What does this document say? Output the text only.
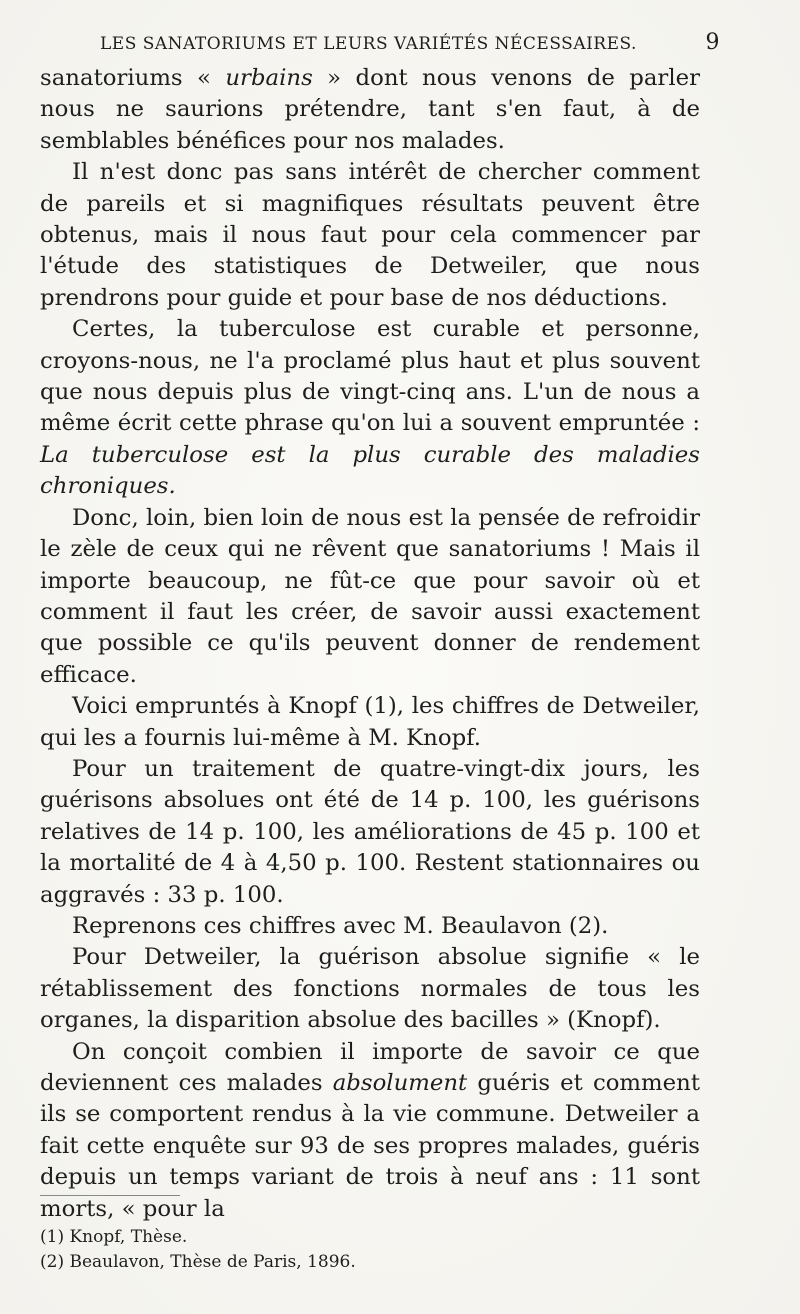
LES SANATORIUMS ET LEURS VARIÉTÉS NÉCESSAIRES.	9

sanatoriums « urbains » dont nous venons de parler nous ne saurions prétendre, tant s'en faut, à de semblables bénéfices pour nos malades.

Il n'est donc pas sans intérêt de chercher comment de pareils et si magnifiques résultats peuvent être obtenus, mais il nous faut pour cela commencer par l'étude des statistiques de Detweiler, que nous prendrons pour guide et pour base de nos déductions.

Certes, la tuberculose est curable et personne, croyons-nous, ne l'a proclamé plus haut et plus souvent que nous depuis plus de vingt-cinq ans. L'un de nous a même écrit cette phrase qu'on lui a souvent empruntée : La tuberculose est la plus curable des maladies chroniques.

Donc, loin, bien loin de nous est la pensée de refroidir le zèle de ceux qui ne rêvent que sanatoriums ! Mais il importe beaucoup, ne fût-ce que pour savoir où et comment il faut les créer, de savoir aussi exactement que possible ce qu'ils peuvent donner de rendement efficace.

Voici empruntés à Knopf (1), les chiffres de Detweiler, qui les a fournis lui-même à M. Knopf.

Pour un traitement de quatre-vingt-dix jours, les guérisons absolues ont été de 14 p. 100, les guérisons relatives de 14 p. 100, les améliorations de 45 p. 100 et la mortalité de 4 à 4,50 p. 100. Restent stationnaires ou aggravés : 33 p. 100.

Reprenons ces chiffres avec M. Beaulavon (2).

Pour Detweiler, la guérison absolue signifie « le rétablissement des fonctions normales de tous les organes, la disparition absolue des bacilles » (Knopf).

On conçoit combien il importe de savoir ce que deviennent ces malades absolument guéris et comment ils se comportent rendus à la vie commune. Detweiler a fait cette enquête sur 93 de ses propres malades, guéris depuis un temps variant de trois à neuf ans : 11 sont morts, « pour la

(1) Knopf, Thèse.
(2) Beaulavon, Thèse de Paris, 1896.
